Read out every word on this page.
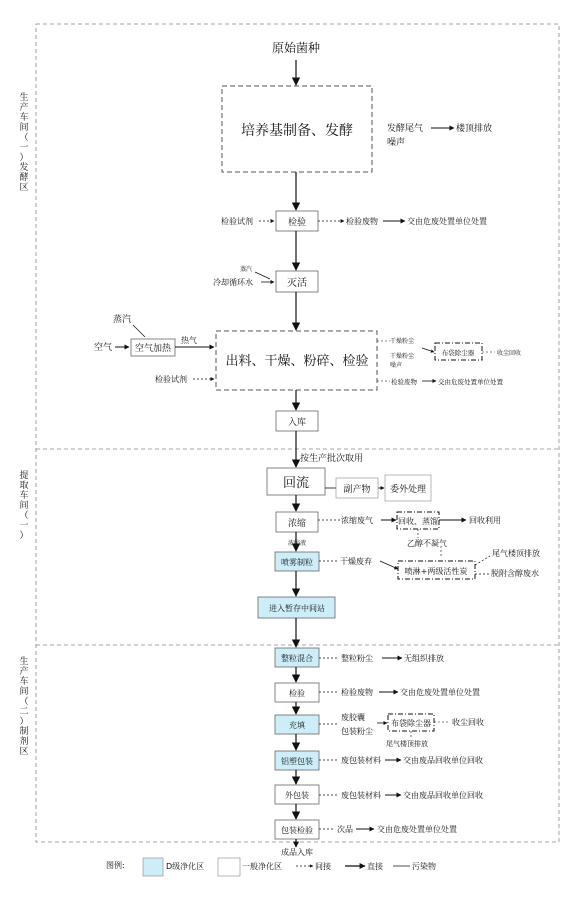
生产车间（一）发酵区
提取车间（一）
生产车间（二）制剂区
原始菌种
培养基制备、发酵
检验
灭活
出料、干燥、粉碎、检验
入库
按生产批次取用
回流
浓缩
浓缩液
喷雾制粒
进入暂存中间站
整粒混合
检验
充填
铝塑包装
外包装
包装检验
成品入库
发酵尾气	楼顶排放
噪声
检验试剂	检验废物	交由危废处置单位处置
蒸汽
冷却循环水
蒸汽
空气	空气加热
热气
检验试剂
干燥粉尘
干燥粉尘
噪声
布袋除尘器	收尘回收
检验废物	交由危废处置单位处置
副产物 委外处理
浓缩废气	回收、蒸馏	回收利用
乙醇不凝气
干燥废弃
喷淋+两级活性炭
尾气楼顶排放
脱附含醇废水
整粒粉尘	无组织排放
检验废物	交由危废处置单位处置
废胶囊
包装粉尘
布袋除尘器	收尘回收
尾气楼顶排放
废包装材料	交由废品回收单位回收
废包装材料	交由废品回收单位回收
次品	交由危废处置单位处置
图例:	D级净化区	一般净化区	间接	直接	污染物
